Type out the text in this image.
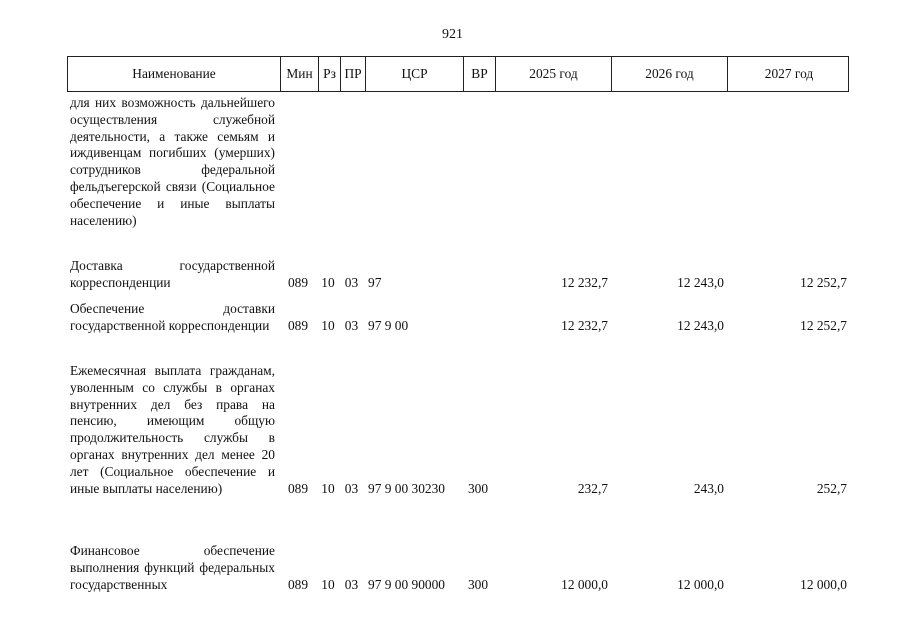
921
Наименование	Мин Рз ПР	ЦСР	ВР	2025 год	2026 год	2027 год
для них возможность дальнейшего осуществления служебной деятельности, а также семьям и иждивенцам погибших (умерших) сотрудников федеральной фельдъегерской связи (Социальное обеспечение и иные выплаты населению)
Доставка государственной корреспонденции	089 10 03 97	12 232,7	12 243,0	12 252,7
Обеспечение доставки государственной корреспонденции	089 10 03 97 9 00	12 232,7	12 243,0	12 252,7
Ежемесячная выплата гражданам, уволенным со службы в органах внутренних дел без права на пенсию, имеющим общую продолжительность службы в органах внутренних дел менее 20 лет (Социальное обеспечение и иные выплаты населению)	089 10 03 97 9 00 30230	300	232,7	243,0	252,7
Финансовое обеспечение выполнения функций федеральных государственных	089 10 03 97 9 00 90000	300	12 000,0	12 000,0	12 000,0
